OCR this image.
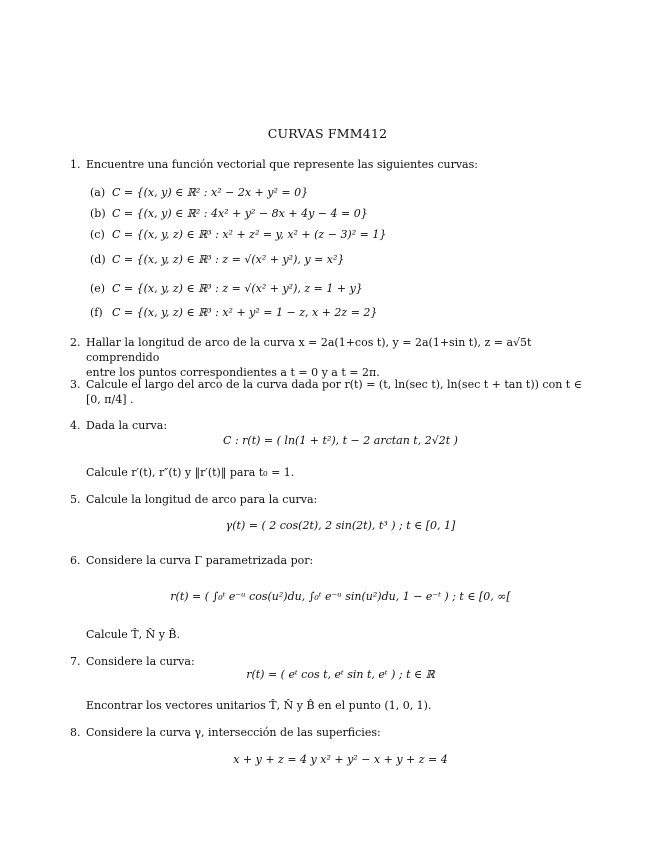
CURVAS FMM412
1. Encuentre una función vectorial que represente las siguientes curvas:
(a) C = {(x, y) ∈ ℝ² : x² − 2x + y² = 0}
(b) C = {(x, y) ∈ ℝ² : 4x² + y² − 8x + 4y − 4 = 0}
(c) C = {(x, y, z) ∈ ℝ³ : x² + z² = y, x² + (z − 3)² = 1}
(d) C = {(x, y, z) ∈ ℝ³ : z = √(x² + y²), y = x²}
(e) C = {(x, y, z) ∈ ℝ³ : z = √(x² + y²), z = 1 + y}
(f) C = {(x, y, z) ∈ ℝ³ : x² + y² = 1 − z, x + 2z = 2}
2. Hallar la longitud de arco de la curva x = 2a(1+cos t), y = 2a(1+sin t), z = a√5t comprendido
entre los puntos correspondientes a t = 0 y a t = 2π.
3. Calcule el largo del arco de la curva dada por r(t) = (t, ln(sec t), ln(sec t + tan t)) con t ∈
[0, π/4] .
4. Dada la curva:
C : r(t) = ( ln(1 + t²), t − 2 arctan t, 2√2t )
Calcule r′(t), r″(t) y ‖r′(t)‖ para t₀ = 1.
5. Calcule la longitud de arco para la curva:
γ(t) = ( 2 cos(2t), 2 sin(2t), t³ ) ; t ∈ [0, 1]
6. Considere la curva Γ parametrizada por:
r(t) = ( ∫₀ᵗ e⁻ᵘ cos(u²)du, ∫₀ᵗ e⁻ᵘ sin(u²)du, 1 − e⁻ᵗ ) ; t ∈ [0, ∞[
Calcule T̂, N̂ y B̂.
7. Considere la curva:
r(t) = ( eᵗ cos t, eᵗ sin t, eᵗ ) ; t ∈ ℝ
Encontrar los vectores unitarios T̂, N̂ y B̂ en el punto (1, 0, 1).
8. Considere la curva γ, intersección de las superficies:
x + y + z = 4 y x² + y² − x + y + z = 4
